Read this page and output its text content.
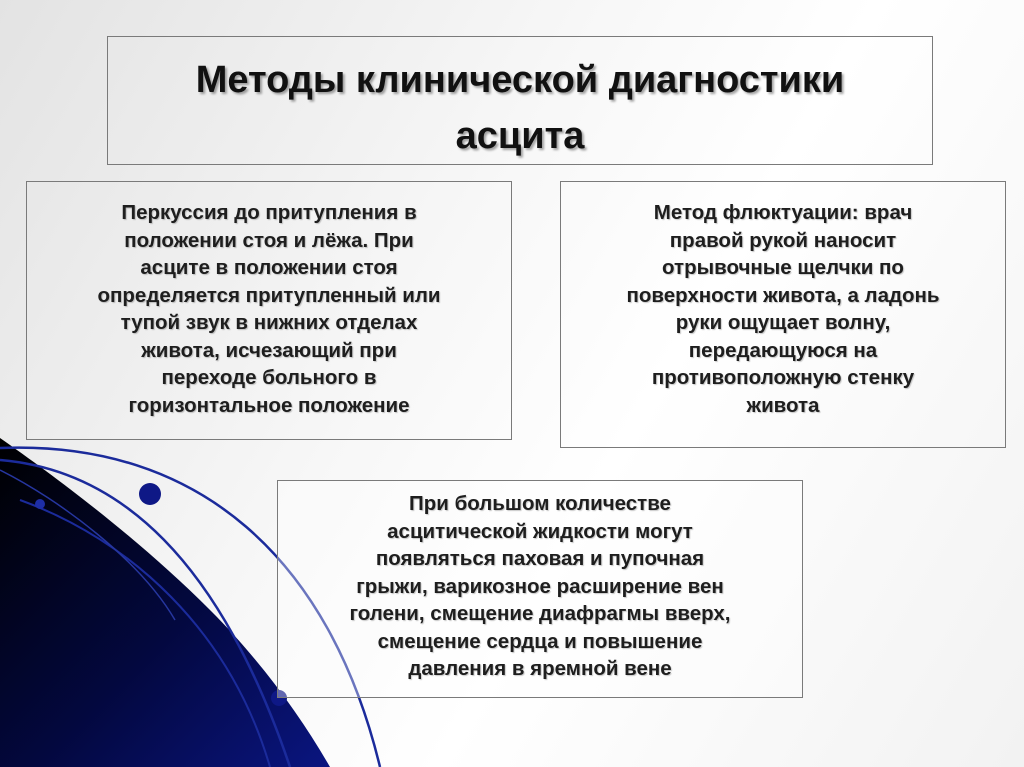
Методы клинической диагностики
асцита
Перкуссия до притупления в
положении стоя и лёжа. При
асците в положении стоя
определяется притупленный или
тупой звук в нижних отделах
живота, исчезающий при
переходе больного в
горизонтальное положение
Метод флюктуации: врач
правой рукой наносит
отрывочные щелчки по
поверхности живота, а ладонь
руки ощущает волну,
передающуюся на
противоположную стенку
живота
При большом количестве
асцитической жидкости могут
появляться паховая и пупочная
грыжи, варикозное расширение вен
голени, смещение диафрагмы вверх,
смещение сердца и повышение
давления в яремной вене
